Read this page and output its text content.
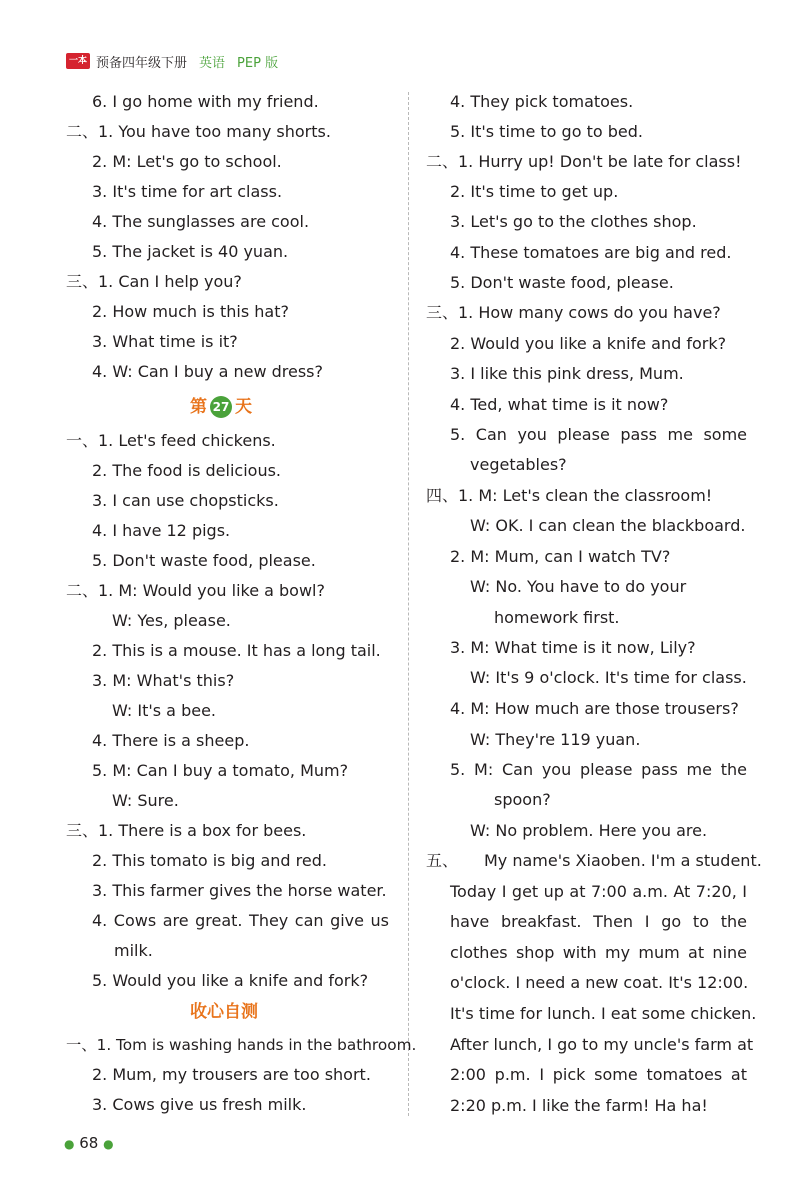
一本 预备四年级下册 英语 PEP 版
6. I go home with my friend.
二、1. You have too many shorts.
2. M: Let's go to school.
3. It's time for art class.
4. The sunglasses are cool.
5. The jacket is 40 yuan.
三、1. Can I help you?
2. How much is this hat?
3. What time is it?
4. W: Can I buy a new dress?
第 27 天
一、1. Let's feed chickens.
2. The food is delicious.
3. I can use chopsticks.
4. I have 12 pigs.
5. Don't waste food, please.
二、1. M: Would you like a bowl?
W: Yes, please.
2. This is a mouse. It has a long tail.
3. M: What's this?
W: It's a bee.
4. There is a sheep.
5. M: Can I buy a tomato, Mum?
W: Sure.
三、1. There is a box for bees.
2. This tomato is big and red.
3. This farmer gives the horse water.
4. Cows are great. They can give us
milk.
5. Would you like a knife and fork?
收心自测
一、1. Tom is washing hands in the bathroom.
2. Mum, my trousers are too short.
3. Cows give us fresh milk.
4. They pick tomatoes.
5. It's time to go to bed.
二、1. Hurry up! Don't be late for class!
2. It's time to get up.
3. Let's go to the clothes shop.
4. These tomatoes are big and red.
5. Don't waste food, please.
三、1. How many cows do you have?
2. Would you like a knife and fork?
3. I like this pink dress, Mum.
4. Ted, what time is it now?
5. Can you please pass me some
vegetables?
四、1. M: Let's clean the classroom!
W: OK. I can clean the blackboard.
2. M: Mum, can I watch TV?
W: No. You have to do your
homework first.
3. M: What time is it now, Lily?
W: It's 9 o'clock. It's time for class.
4. M: How much are those trousers?
W: They're 119 yuan.
5. M: Can you please pass me the
spoon?
W: No problem. Here you are.
五、 My name's Xiaoben. I'm a student.
Today I get up at 7:00 a.m. At 7:20, I
have breakfast. Then I go to the
clothes shop with my mum at nine
o'clock. I need a new coat. It's 12:00.
It's time for lunch. I eat some chicken.
After lunch, I go to my uncle's farm at
2:00 p.m. I pick some tomatoes at
2:20 p.m. I like the farm! Ha ha!
● 68 ●
